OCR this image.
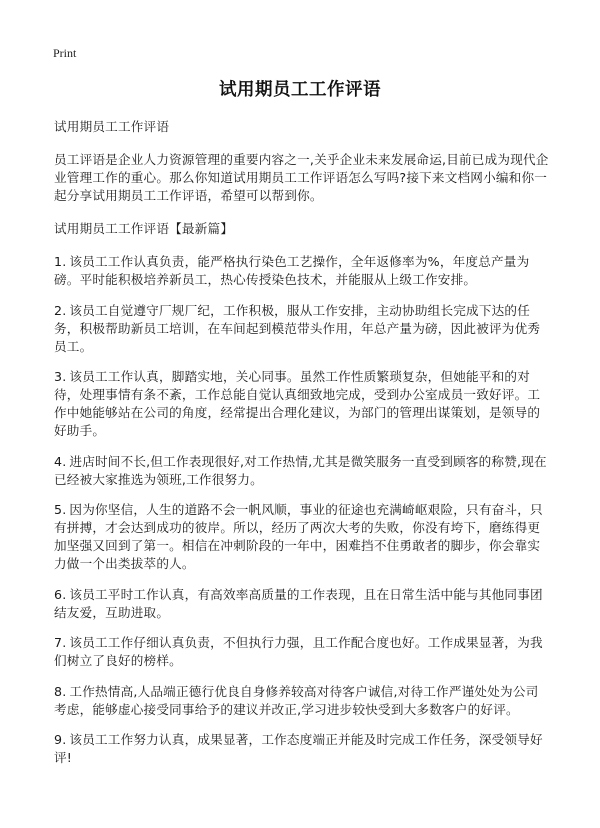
Print
试用期员工工作评语

试用期员工工作评语

员工评语是企业人力资源管理的重要内容之一,关乎企业未来发展命运,目前已成为现代企业管理工作的重心。那么你知道试用期员工工作评语怎么写吗?接下来文档网小编和你一起分享试用期员工工作评语，希望可以帮到你。

试用期员工工作评语【最新篇】

1. 该员工工作认真负责，能严格执行染色工艺操作，全年返修率为%，年度总产量为磅。平时能积极培养新员工，热心传授染色技术，并能服从上级工作安排。

2. 该员工自觉遵守厂规厂纪，工作积极，服从工作安排，主动协助组长完成下达的任务，积极帮助新员工培训，在车间起到模范带头作用，年总产量为磅，因此被评为优秀员工。

3. 该员工工作认真，脚踏实地，关心同事。虽然工作性质繁琐复杂，但她能平和的对待，处理事情有条不紊，工作总能自觉认真细致地完成，受到办公室成员一致好评。工作中她能够站在公司的角度，经常提出合理化建议，为部门的管理出谋策划，是领导的好助手。

4. 进店时间不长,但工作表现很好,对工作热情,尤其是微笑服务一直受到顾客的称赞,现在已经被大家推选为领班,工作很努力。

5. 因为你坚信，人生的道路不会一帆风顺，事业的征途也充满崎岖艰险，只有奋斗，只有拼搏，才会达到成功的彼岸。所以，经历了两次大考的失败，你没有垮下，磨练得更加坚强又回到了第一。相信在冲刺阶段的一年中，困难挡不住勇敢者的脚步，你会靠实力做一个出类拔萃的人。

6. 该员工平时工作认真，有高效率高质量的工作表现，且在日常生活中能与其他同事团结友爱，互助进取。

7. 该员工工作仔细认真负责，不但执行力强，且工作配合度也好。工作成果显著，为我们树立了良好的榜样。

8. 工作热情高,人品端正德行优良自身修养较高对待客户诚信,对待工作严谨处处为公司考虑，能够虚心接受同事给予的建议并改正,学习进步较快受到大多数客户的好评。

9. 该员工工作努力认真，成果显著，工作态度端正并能及时完成工作任务，深受领导好评!
